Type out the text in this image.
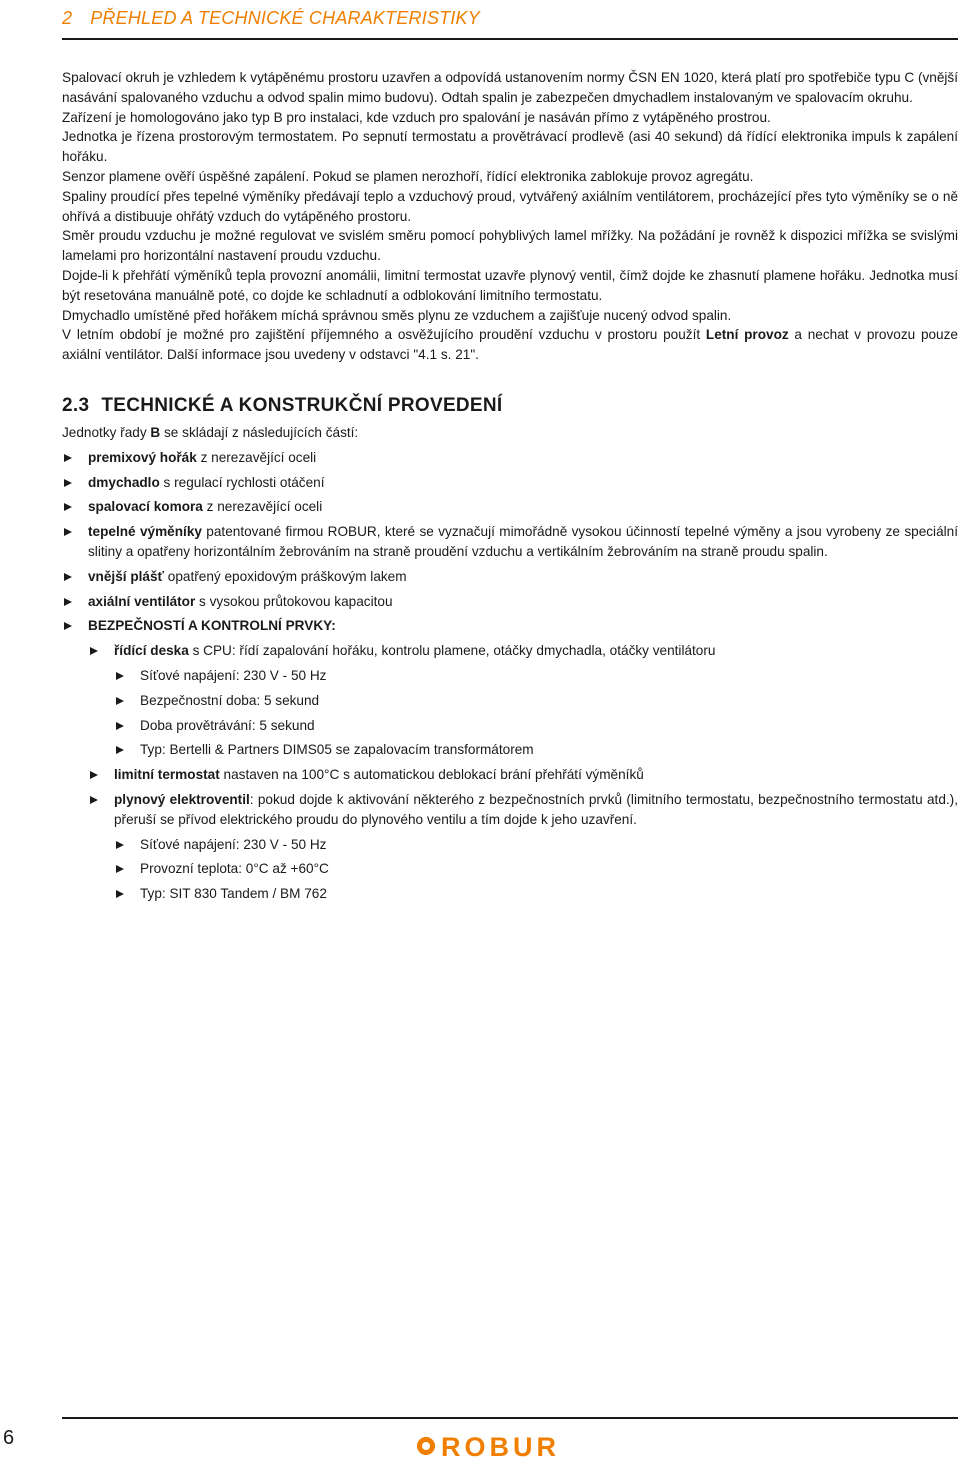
2 PŘEHLED A TECHNICKÉ CHARAKTERISTIKY

Spalovací okruh je vzhledem k vytápěnému prostoru uzavřen a odpovídá ustanovením normy ČSN EN 1020, která platí pro spotřebiče typu C (vnější nasávání spalovaného vzduchu a odvod spalin mimo budovu). Odtah spalin je zabezpečen dmychadlem instalovaným ve spalovacím okruhu.

Zařízení je homologováno jako typ B pro instalaci, kde vzduch pro spalování je nasáván přímo z vytápěného prostrou.

Jednotka je řízena prostorovým termostatem. Po sepnutí termostatu a provětrávací prodlevě (asi 40 sekund) dá řídící elektronika impuls k zapálení hořáku.

Senzor plamene ověří úspěšné zapálení. Pokud se plamen nerozhoří, řídící elektronika zablokuje provoz agregátu.

Spaliny proudící přes tepelné výměníky předávají teplo a vzduchový proud, vytvářený axiálním ventilátorem, procházející přes tyto výměníky se o ně ohřívá a distibuuje ohřátý vzduch do vytápěného prostoru.

Směr proudu vzduchu je možné regulovat ve svislém směru pomocí pohyblivých lamel mřížky. Na požádání je rovněž k dispozici mřížka se svislými lamelami pro horizontální nastavení proudu vzduchu.

Dojde-li k přehřátí výměníků tepla provozní anomálii, limitní termostat uzavře plynový ventil, čímž dojde ke zhasnutí plamene hořáku. Jednotka musí být resetována manuálně poté, co dojde ke schladnutí a odblokování limitního termostatu.

Dmychadlo umístěné před hořákem míchá správnou směs plynu ze vzduchem a zajišťuje nucený odvod spalin.

V letním období je možné pro zajištění příjemného a osvěžujícího proudění vzduchu v prostoru použít Letní provoz a nechat v provozu pouze axiální ventilátor. Další informace jsou uvedeny v odstavci "4.1 s. 21".

2.3 TECHNICKÉ A KONSTRUKČNÍ PROVEDENÍ

Jednotky řady B se skládají z následujících částí:

premixový hořák z nerezavějící oceli
dmychadlo s regulací rychlosti otáčení
spalovací komora z nerezavějící oceli
tepelné výměníky patentované firmou ROBUR, které se vyznačují mimořádně vysokou účinností tepelné výměny a jsou vyrobeny ze speciální slitiny a opatřeny horizontálním žebrováním na straně proudění vzduchu a vertikálním žebrováním na straně proudu spalin.
vnější plášť opatřený epoxidovým práškovým lakem
axiální ventilátor s vysokou průtokovou kapacitou
BEZPEČNOSTÍ A KONTROLNÍ PRVKY:
řídící deska s CPU: řídí zapalování hořáku, kontrolu plamene, otáčky dmychadla, otáčky ventilátoru
Síťové napájení: 230 V - 50 Hz
Bezpečnostní doba: 5 sekund
Doba provětrávání: 5 sekund
Typ: Bertelli & Partners DIMS05 se zapalovacím transformátorem
limitní termostat nastaven na 100°C s automatickou deblokací brání přehřátí výměníků
plynový elektroventil: pokud dojde k aktivování některého z bezpečnostních prvků (limitního termostatu, bezpečnostního termostatu atd.), přeruší se přívod elektrického proudu do plynového ventilu a tím dojde k jeho uzavření.
Síťové napájení: 230 V - 50 Hz
Provozní teplota: 0°C až +60°C
Typ: SIT 830 Tandem / BM 762
6	ROBUR
